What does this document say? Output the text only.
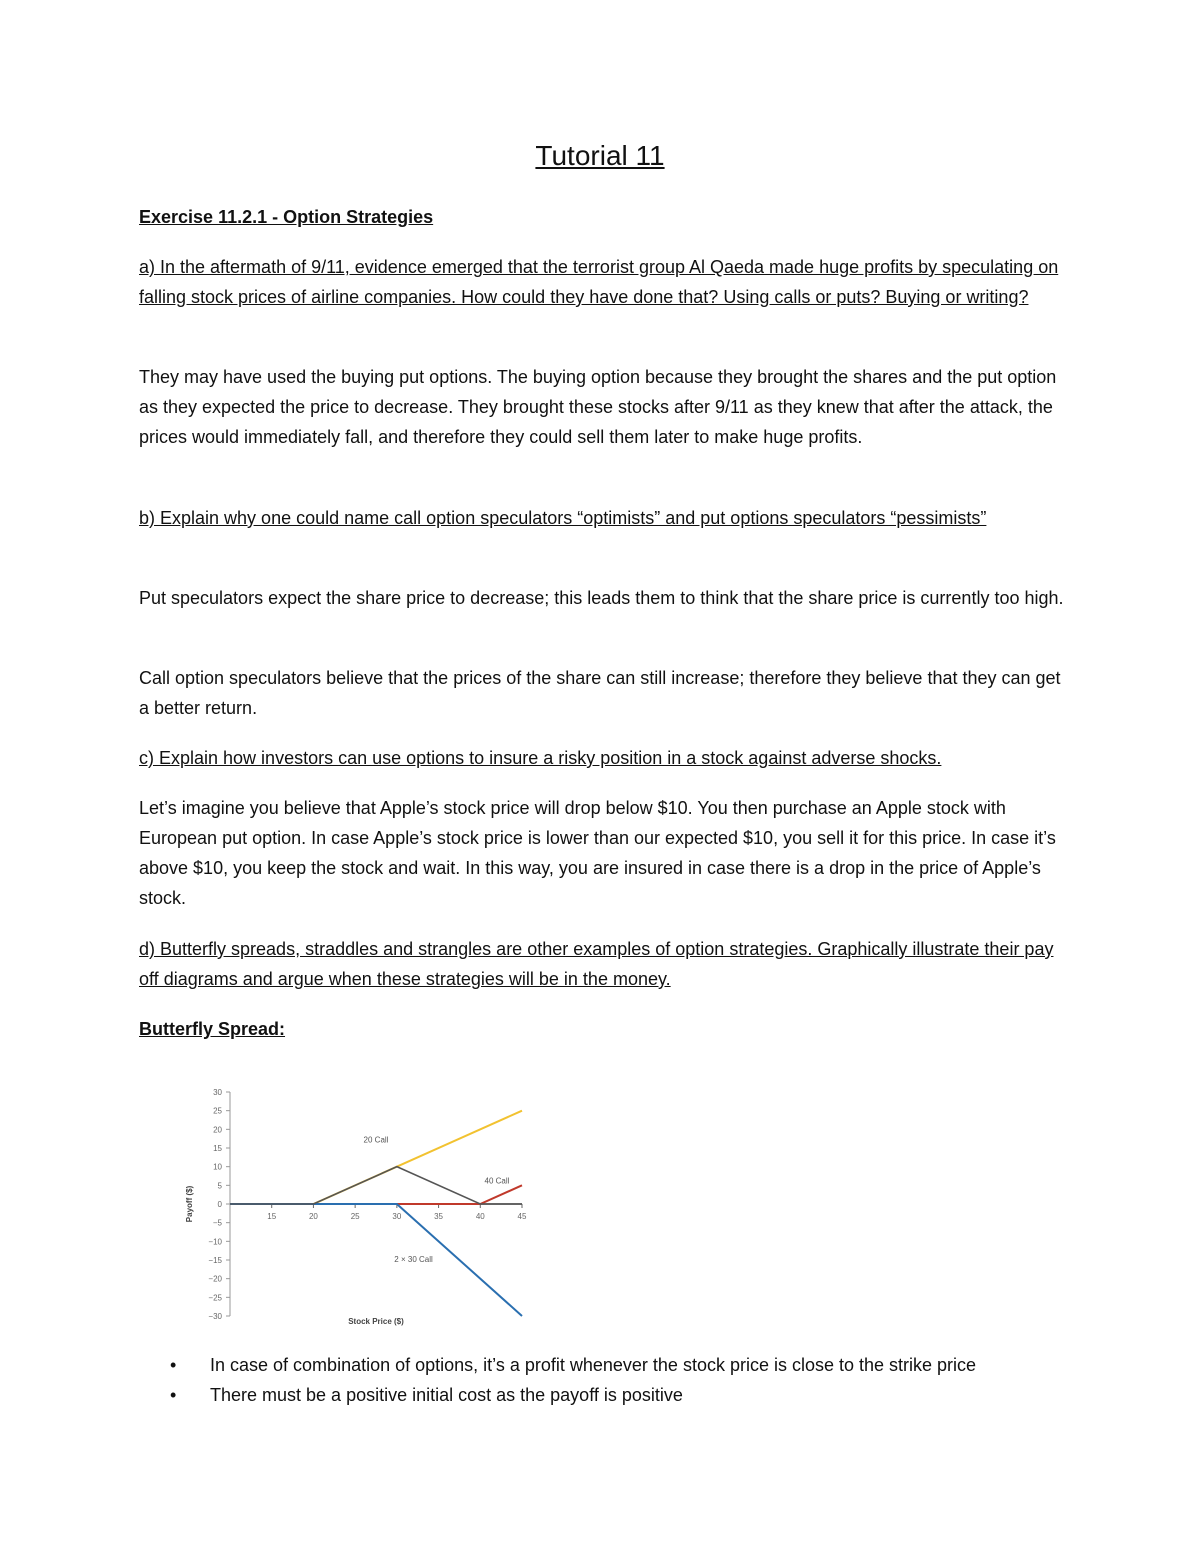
Tutorial 11

Exercise 11.2.1 - Option Strategies

a) In the aftermath of 9/11, evidence emerged that the terrorist group Al Qaeda made huge profits by speculating on falling stock prices of airline companies. How could they have done that? Using calls or puts? Buying or writing?

They may have used the buying put options. The buying option because they brought the shares and the put option as they expected the price to decrease. They brought these stocks after 9/11 as they knew that after the attack, the prices would immediately fall, and therefore they could sell them later to make huge profits.

b) Explain why one could name call option speculators “optimists” and put options speculators “pessimists”

Put speculators expect the share price to decrease; this leads them to think that the share price is currently too high.

Call option speculators believe that the prices of the share can still increase; therefore they believe that they can get a better return.

c) Explain how investors can use options to insure a risky position in a stock against adverse shocks.

Let’s imagine you believe that Apple’s stock price will drop below $10. You then purchase an Apple stock with European put option. In case Apple’s stock price is lower than our expected $10, you sell it for this price. In case it’s above $10, you keep the stock and wait. In this way, you are insured in case there is a drop in the price of Apple’s stock.

d) Butterfly spreads, straddles and strangles are other examples of option strategies. Graphically illustrate their pay off diagrams and argue when these strategies will be in the money.

Butterfly Spread:

30
25
20
15
10
5
0
−5
−10
−15
−20
−25
−30
15	20	25	30	35	40	45
20 Call
40 Call
2 × 30 Call
Stock Price ($)
Payoff ($)
• In case of combination of options, it’s a profit whenever the stock price is close to the strike price
• There must be a positive initial cost as the payoff is positive
